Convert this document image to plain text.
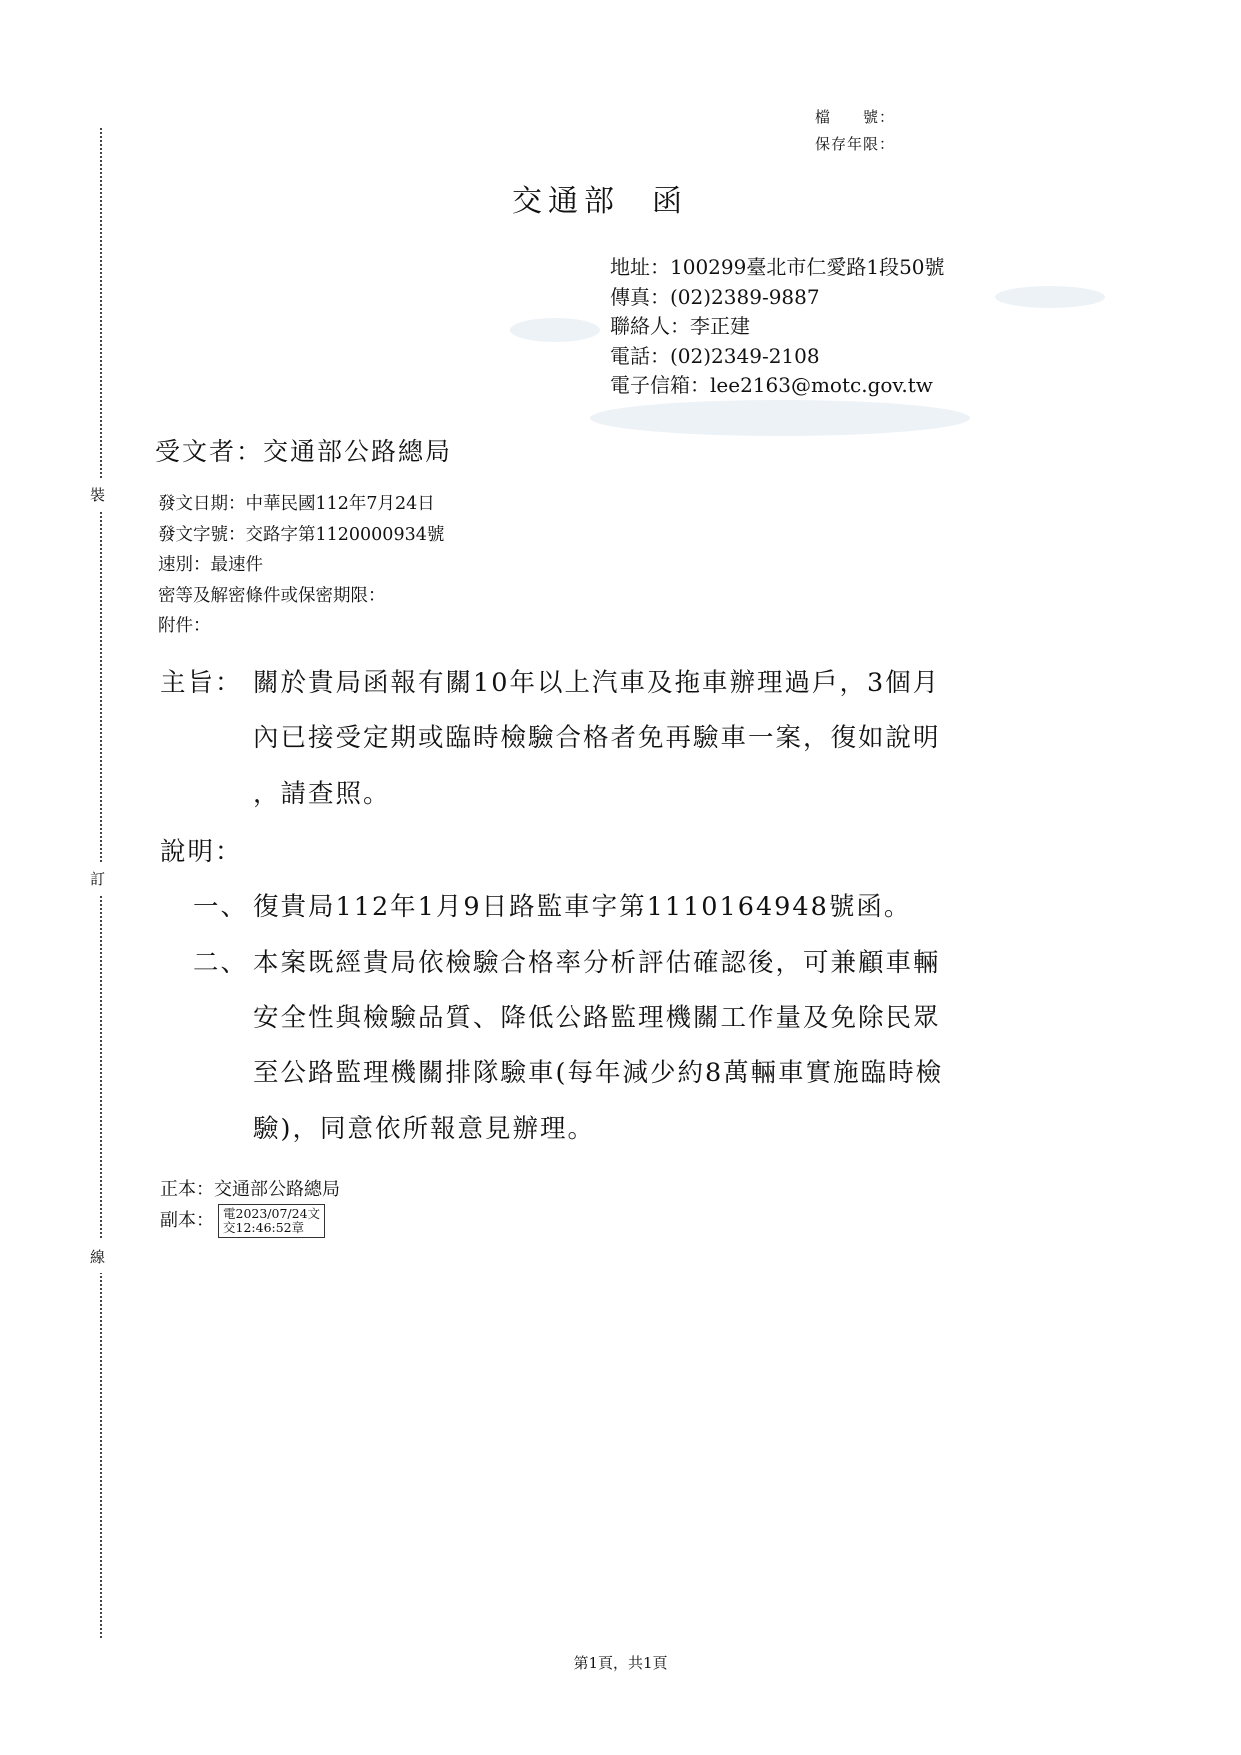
裝
訂
線
檔　　號：
保存年限：
交通部 函
地址：100299臺北市仁愛路1段50號
傳真：(02)2389-9887
聯絡人：李正建
電話：(02)2349-2108
電子信箱：lee2163@motc.gov.tw
受文者：交通部公路總局
發文日期：中華民國112年7月24日
發文字號：交路字第1120000934號
速別：最速件
密等及解密條件或保密期限：
附件：
主旨： 關於貴局函報有關10年以上汽車及拖車辦理過戶，3個月
內已接受定期或臨時檢驗合格者免再驗車一案，復如說明
，請查照。
說明：
一、 復貴局112年1月9日路監車字第1110164948號函。
二、 本案既經貴局依檢驗合格率分析評估確認後，可兼顧車輛
安全性與檢驗品質、降低公路監理機關工作量及免除民眾
至公路監理機關排隊驗車(每年減少約8萬輛車實施臨時檢
驗)，同意依所報意見辦理。
正本：交通部公路總局
副本： 電2023/07/24文
交12:46:52章
第1頁，共1頁
